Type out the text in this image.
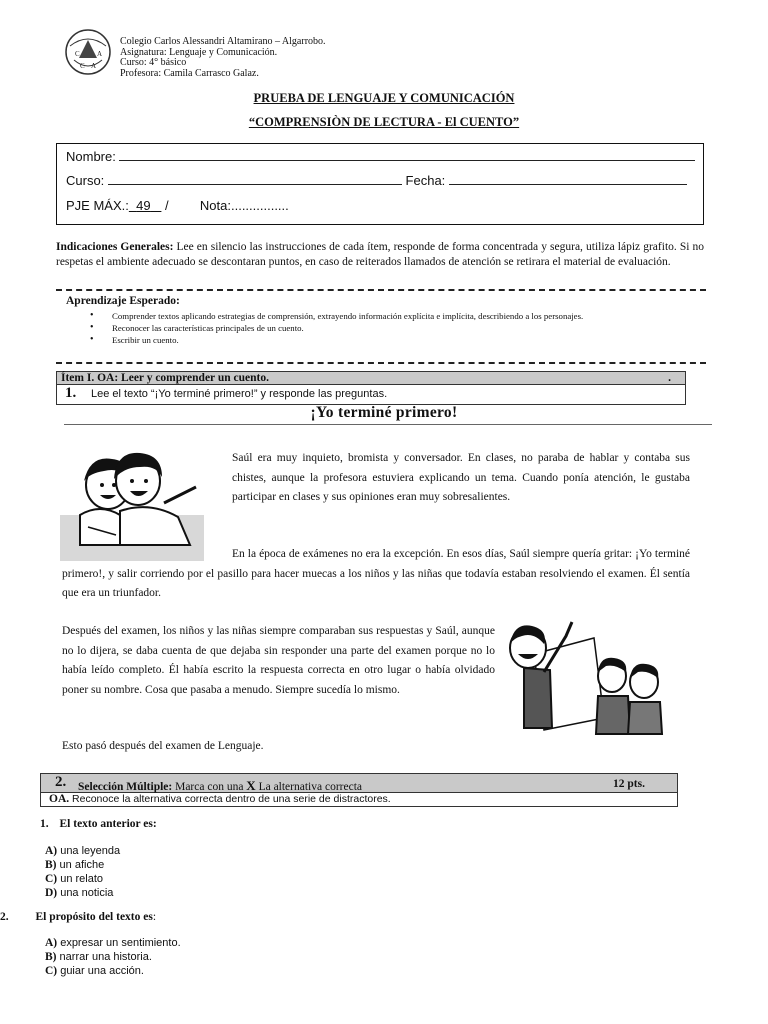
C A
C A
Colegio Carlos Alessandri Altamirano – Algarrobo.
Asignatura: Lenguaje y Comunicación.
Curso: 4° básico
Profesora: Camila Carrasco Galaz.
PRUEBA DE LENGUAJE Y COMUNICACIÓN
“COMPRENSIÒN DE LECTURA - El CUENTO”
Nombre:
Curso:	Fecha:
PJE MÁX.: 49 / Nota:................
Indicaciones Generales: Lee en silencio las instrucciones de cada ítem, responde de forma concentrada y segura, utiliza lápiz grafito. Si no respetas el ambiente adecuado se descontaran puntos, en caso de reiterados llamados de atención se retirara el material de evaluación.
Aprendizaje Esperado:
• Comprender textos aplicando estrategias de comprensión, extrayendo información explícita e implícita, describiendo a los personajes.
• Reconocer las características principales de un cuento.
• Escribir un cuento.
Ítem I. OA: Leer y comprender un cuento.	.
1. Lee el texto “¡Yo terminé primero!” y responde las preguntas.
¡Yo terminé primero!
Saúl era muy inquieto, bromista y conversador. En clases, no paraba de hablar y contaba sus chistes, aunque la profesora estuviera explicando un tema. Cuando ponía atención, le gustaba participar en clases y sus opiniones eran muy sobresalientes.
En la época de exámenes no era la excepción. En esos días, Saúl siempre quería gritar: ¡Yo terminé primero!, y salir corriendo por el pasillo para hacer muecas a los niños y las niñas que todavía estaban resolviendo el examen. Él sentía que era un triunfador.
Después del examen, los niños y las niñas siempre comparaban sus respuestas y Saúl, aunque no lo dijera, se daba cuenta de que dejaba sin responder una parte del examen porque no lo había leído completo. Él había escrito la respuesta correcta en otro lugar o había olvidado poner su nombre. Cosa que pasaba a menudo. Siempre sucedía lo mismo.
Esto pasó después del examen de Lenguaje.
2. Selección Múltiple: Marca con una X La alternativa correcta	12 pts.
OA. Reconoce la alternativa correcta dentro de una serie de distractores.
1. El texto anterior es:
A) una leyenda
B) un afiche
C) un relato
D) una noticia
2. El propósito del texto es:
A) expresar un sentimiento.
B) narrar una historia.
C) guiar una acción.
